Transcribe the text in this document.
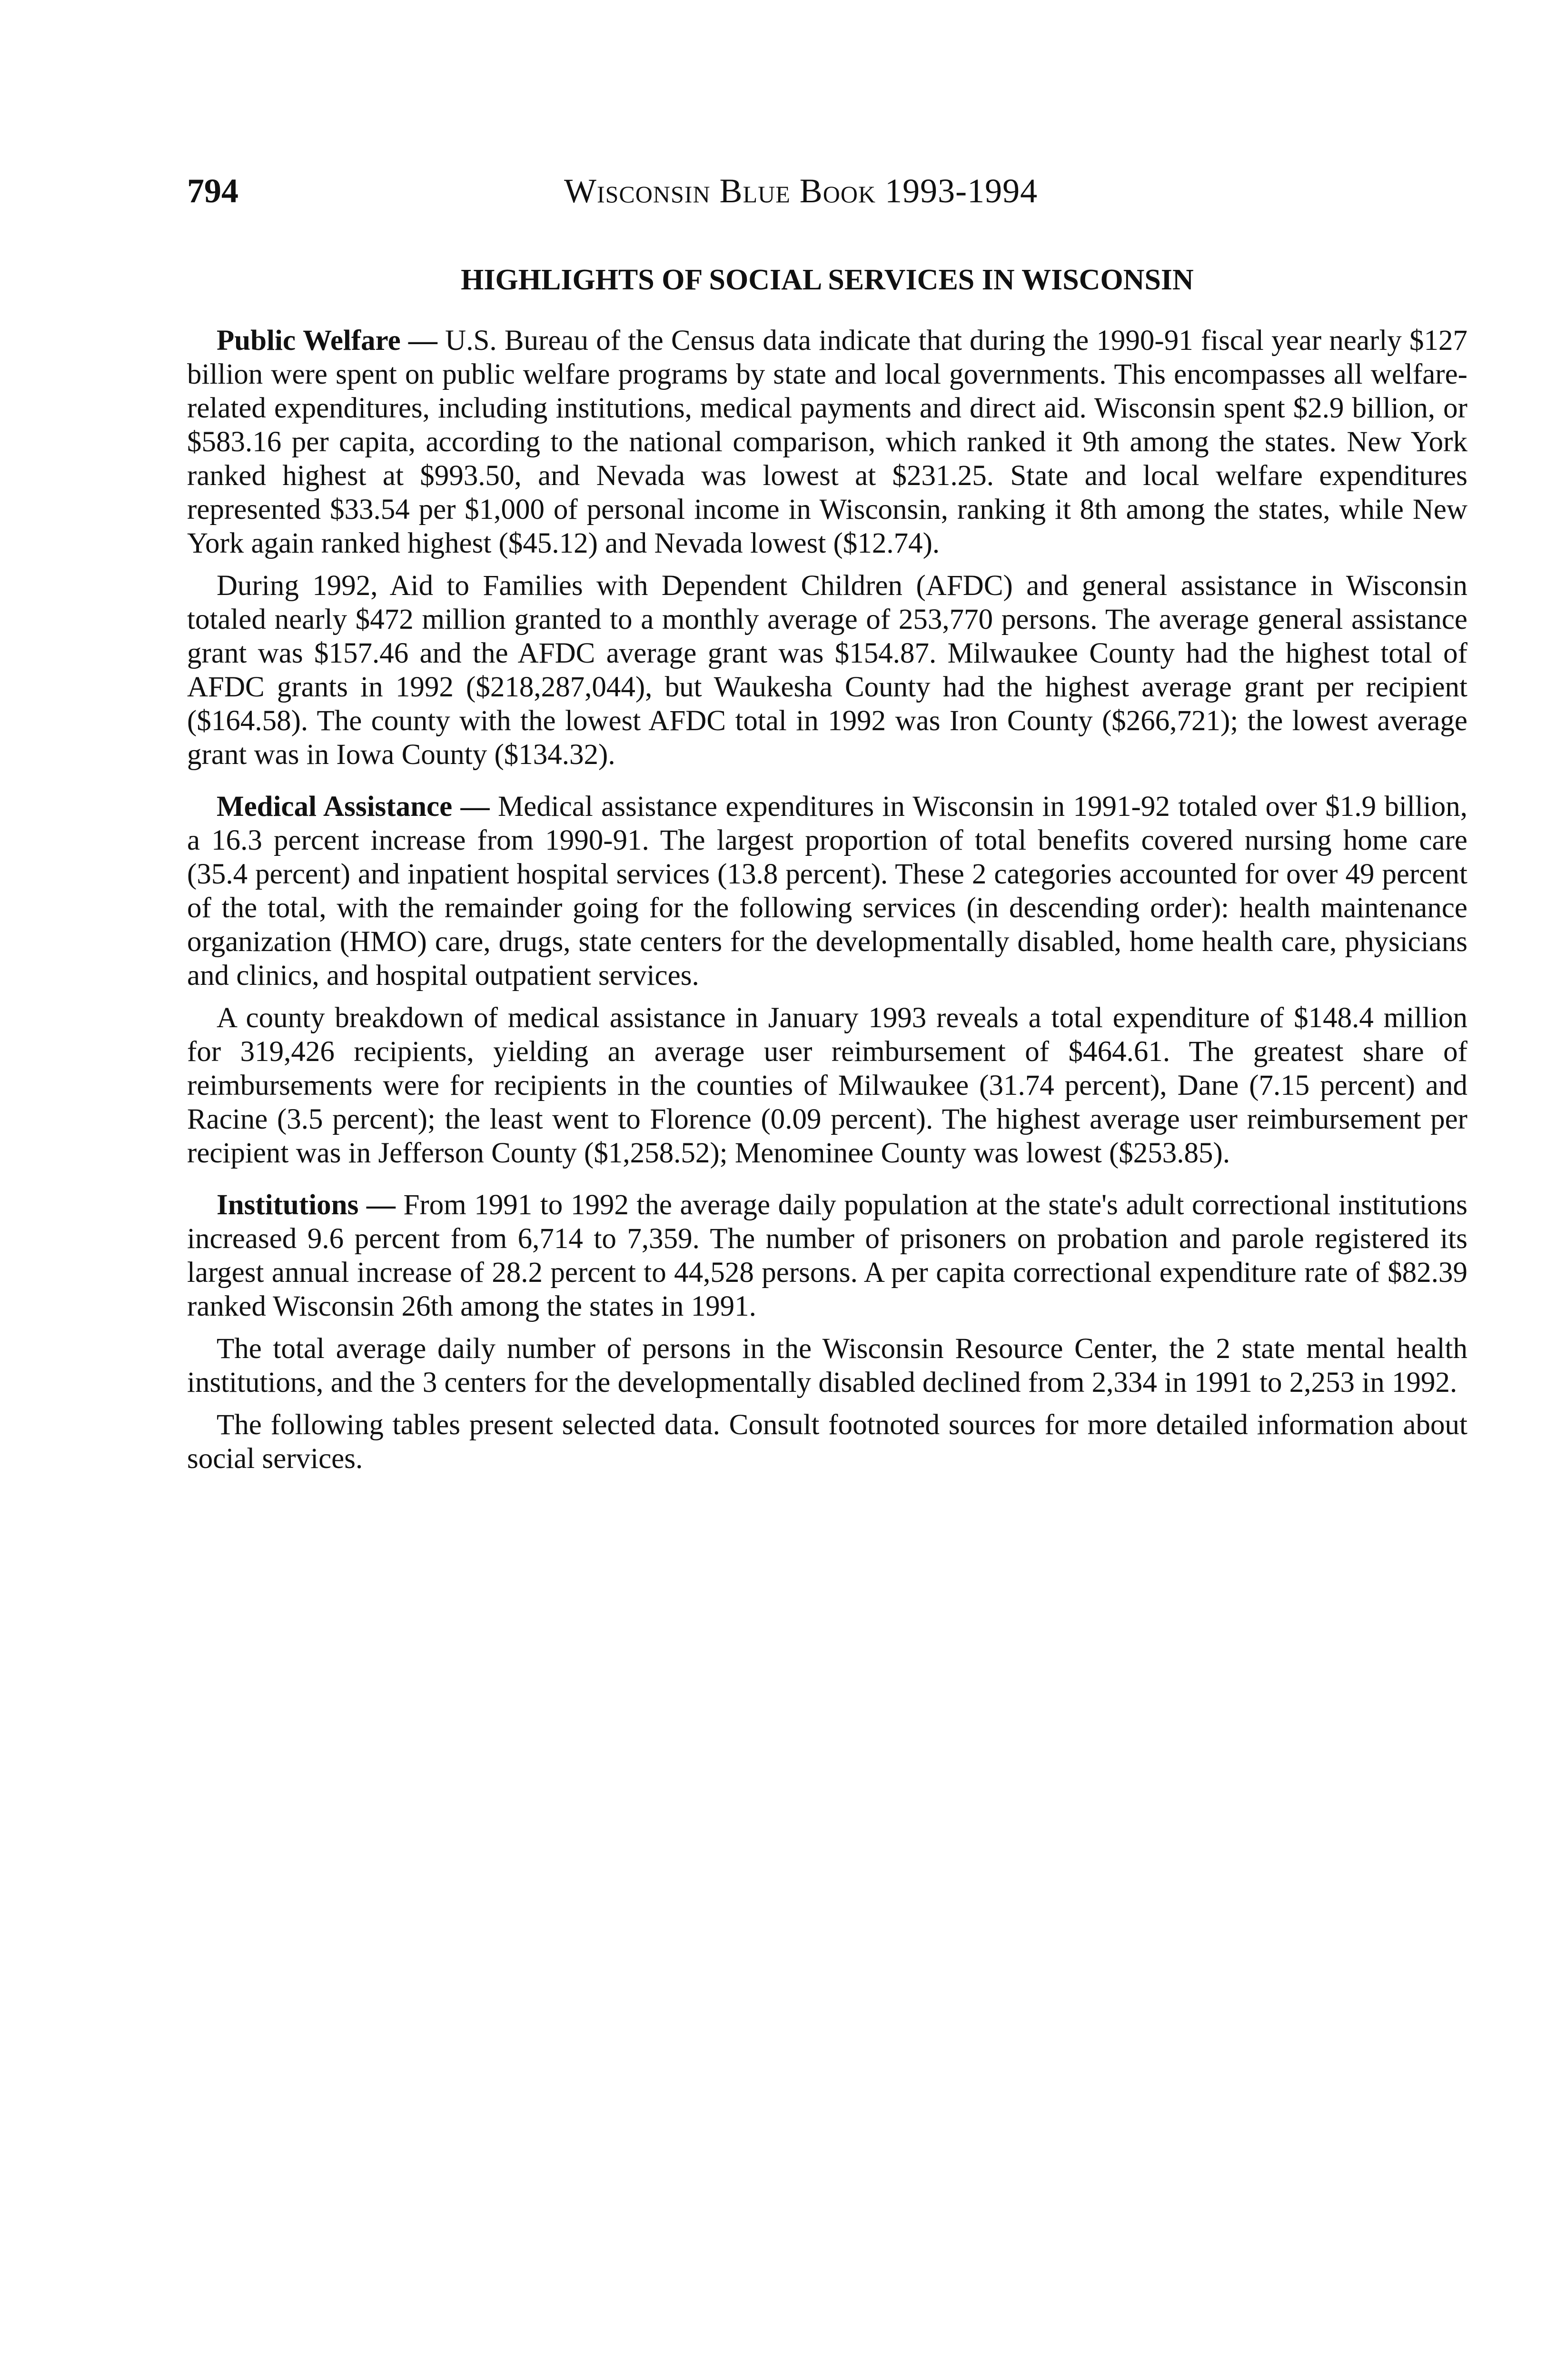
794	Wisconsin Blue Book 1993-1994
HIGHLIGHTS OF SOCIAL SERVICES IN WISCONSIN

Public Welfare — U.S. Bureau of the Census data indicate that during the 1990-91 fiscal year nearly $127 billion were spent on public welfare programs by state and local governments. This encompasses all welfare-related expenditures, including institutions, medical payments and direct aid. Wisconsin spent $2.9 billion, or $583.16 per capita, according to the national comparison, which ranked it 9th among the states. New York ranked highest at $993.50, and Nevada was lowest at $231.25. State and local welfare expenditures represented $33.54 per $1,000 of personal income in Wisconsin, ranking it 8th among the states, while New York again ranked highest ($45.12) and Nevada lowest ($12.74).

During 1992, Aid to Families with Dependent Children (AFDC) and general assistance in Wisconsin totaled nearly $472 million granted to a monthly average of 253,770 persons. The average general assistance grant was $157.46 and the AFDC average grant was $154.87. Milwaukee County had the highest total of AFDC grants in 1992 ($218,287,044), but Waukesha County had the highest average grant per recipient ($164.58). The county with the lowest AFDC total in 1992 was Iron County ($266,721); the lowest average grant was in Iowa County ($134.32).

Medical Assistance — Medical assistance expenditures in Wisconsin in 1991-92 totaled over $1.9 billion, a 16.3 percent increase from 1990-91. The largest proportion of total benefits covered nursing home care (35.4 percent) and inpatient hospital services (13.8 percent). These 2 categories accounted for over 49 percent of the total, with the remainder going for the following services (in descending order): health maintenance organization (HMO) care, drugs, state centers for the developmentally disabled, home health care, physicians and clinics, and hospital outpatient services.

A county breakdown of medical assistance in January 1993 reveals a total expenditure of $148.4 million for 319,426 recipients, yielding an average user reimbursement of $464.61. The greatest share of reimbursements were for recipients in the counties of Milwaukee (31.74 percent), Dane (7.15 percent) and Racine (3.5 percent); the least went to Florence (0.09 percent). The highest average user reimbursement per recipient was in Jefferson County ($1,258.52); Menominee County was lowest ($253.85).

Institutions — From 1991 to 1992 the average daily population at the state's adult correctional institutions increased 9.6 percent from 6,714 to 7,359. The number of prisoners on probation and parole registered its largest annual increase of 28.2 percent to 44,528 persons. A per capita correctional expenditure rate of $82.39 ranked Wisconsin 26th among the states in 1991.

The total average daily number of persons in the Wisconsin Resource Center, the 2 state mental health institutions, and the 3 centers for the developmentally disabled declined from 2,334 in 1991 to 2,253 in 1992.

The following tables present selected data. Consult footnoted sources for more detailed information about social services.
